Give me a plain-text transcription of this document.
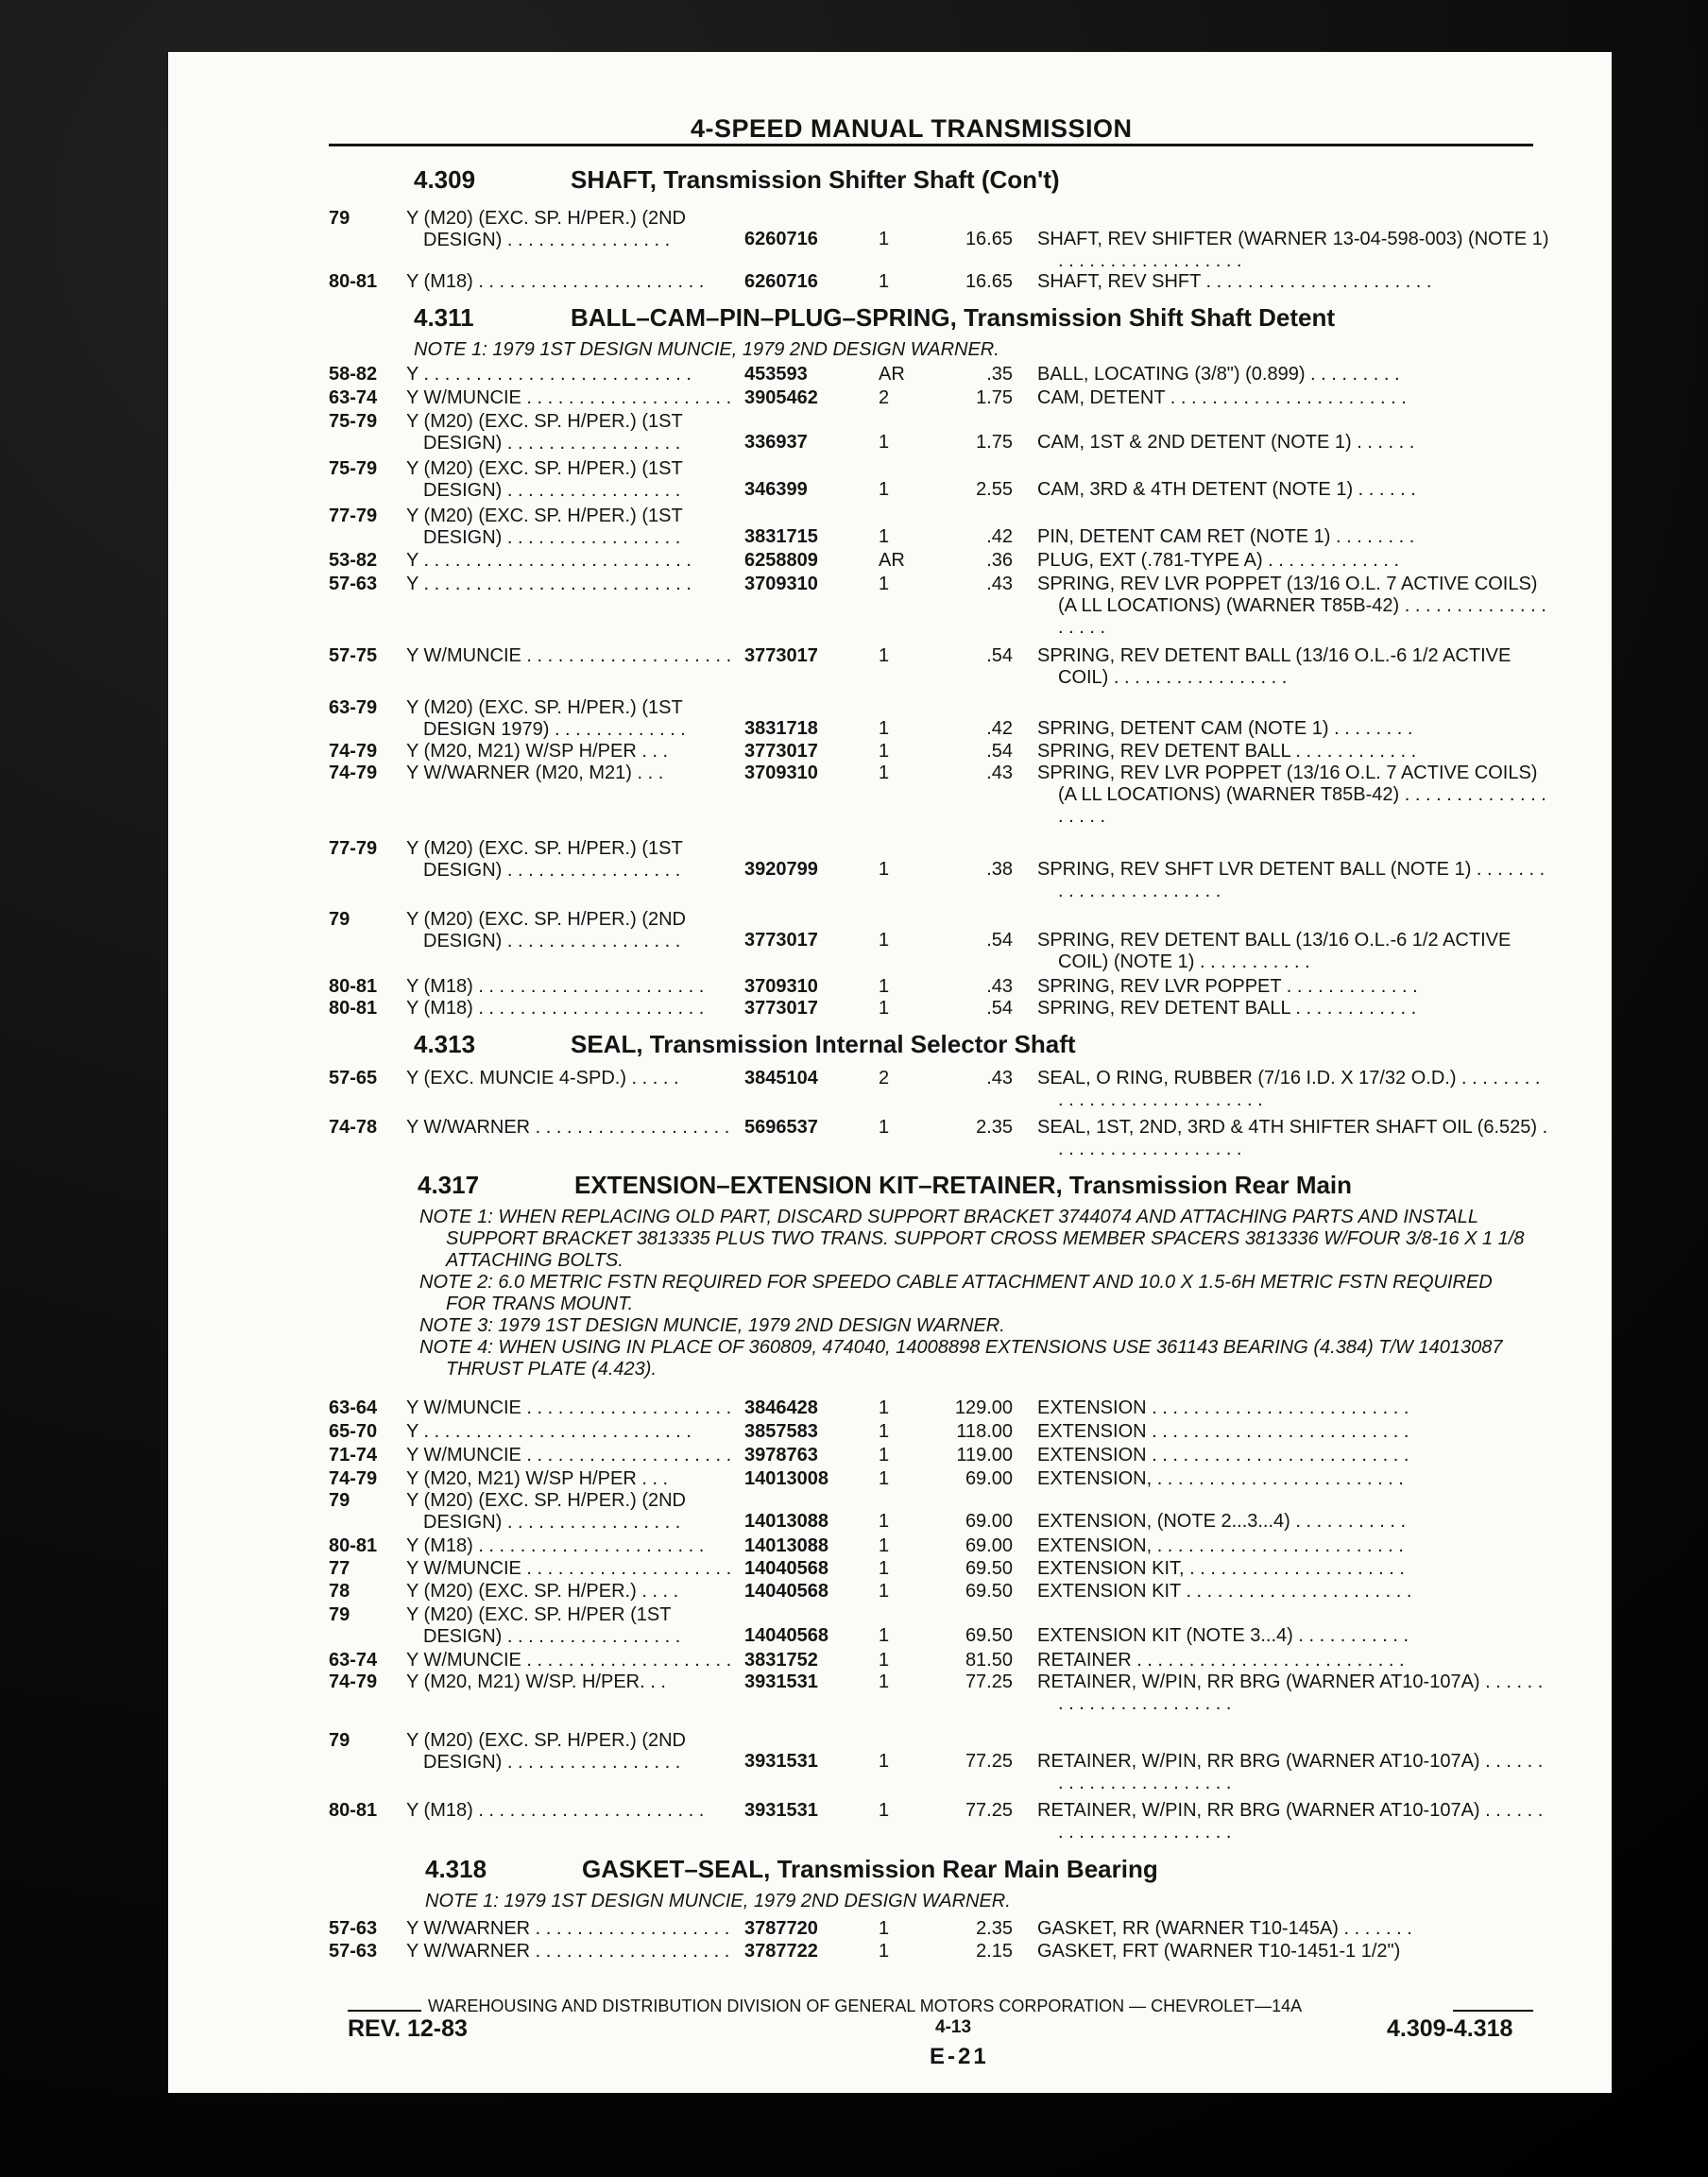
4-SPEED MANUAL TRANSMISSION
4.309	SHAFT, Transmission Shifter Shaft (Con't)
79	Y (M20) (EXC. SP. H/PER.) (2ND DESIGN) . . . . . . . . . . . . . . . .	6260716	1	16.65 SHAFT, REV SHIFTER (WARNER 13-04-598-003) (NOTE 1) . . . . . . . . . . . . . . . . . .
80-81	Y (M18) . . . . . . . . . . . . . . . . . . . . . .	6260716	1	16.65 SHAFT, REV SHFT . . . . . . . . . . . . . . . . . . . . . .
4.311	BALL–CAM–PIN–PLUG–SPRING, Transmission Shift Shaft Detent
NOTE 1: 1979 1ST DESIGN MUNCIE, 1979 2ND DESIGN WARNER.
58-82	Y . . . . . . . . . . . . . . . . . . . . . . . . . .	453593	AR	.35 BALL, LOCATING (3/8") (0.899) . . . . . . . . .
63-74	Y W/MUNCIE . . . . . . . . . . . . . . . . . . . . 3905462	2	1.75 CAM, DETENT . . . . . . . . . . . . . . . . . . . . . . .
75-79	Y (M20) (EXC. SP. H/PER.) (1ST DESIGN) . . . . . . . . . . . . . . . . .	336937	1	1.75 CAM, 1ST & 2ND DETENT (NOTE 1) . . . . . .
75-79	Y (M20) (EXC. SP. H/PER.) (1ST DESIGN) . . . . . . . . . . . . . . . . .	346399	1	2.55 CAM, 3RD & 4TH DETENT (NOTE 1) . . . . . .
77-79	Y (M20) (EXC. SP. H/PER.) (1ST DESIGN) . . . . . . . . . . . . . . . . .	3831715	1	.42 PIN, DETENT CAM RET (NOTE 1) . . . . . . . .
53-82	Y . . . . . . . . . . . . . . . . . . . . . . . . . .	6258809	AR	.36 PLUG, EXT (.781-TYPE A) . . . . . . . . . . . . .
57-63	Y . . . . . . . . . . . . . . . . . . . . . . . . . .	3709310	1	.43 SPRING, REV LVR POPPET (13/16 O.L. 7 ACTIVE COILS) (A LL LOCATIONS) (WARNER T85B-42) . . . . . . . . . . . . . . . . . . .
57-75	Y W/MUNCIE . . . . . . . . . . . . . . . . . . . . 3773017	1	.54 SPRING, REV DETENT BALL (13/16 O.L.-6 1/2 ACTIVE COIL) . . . . . . . . . . . . . . . . .
63-79	Y (M20) (EXC. SP. H/PER.) (1ST DESIGN 1979) . . . . . . . . . . . . .	3831718	1	.42 SPRING, DETENT CAM (NOTE 1) . . . . . . . .
74-79	Y (M20, M21) W/SP H/PER . . .	3773017	1	.54 SPRING, REV DETENT BALL . . . . . . . . . . . .
74-79	Y W/WARNER (M20, M21) . . .	3709310	1	.43 SPRING, REV LVR POPPET (13/16 O.L. 7 ACTIVE COILS) (A LL LOCATIONS) (WARNER T85B-42) . . . . . . . . . . . . . . . . . . .
77-79	Y (M20) (EXC. SP. H/PER.) (1ST DESIGN) . . . . . . . . . . . . . . . . .	3920799	1	.38 SPRING, REV SHFT LVR DETENT BALL (NOTE 1) . . . . . . . . . . . . . . . . . . . . . . .
79	Y (M20) (EXC. SP. H/PER.) (2ND DESIGN) . . . . . . . . . . . . . . . . .	3773017	1	.54 SPRING, REV DETENT BALL (13/16 O.L.-6 1/2 ACTIVE COIL) (NOTE 1) . . . . . . . . . . .
80-81	Y (M18) . . . . . . . . . . . . . . . . . . . . . .	3709310	1	.43 SPRING, REV LVR POPPET . . . . . . . . . . . . .
80-81	Y (M18) . . . . . . . . . . . . . . . . . . . . . .	3773017	1	.54 SPRING, REV DETENT BALL . . . . . . . . . . . .
4.313	SEAL, Transmission Internal Selector Shaft
57-65	Y (EXC. MUNCIE 4-SPD.) . . . . .	3845104	2	.43 SEAL, O RING, RUBBER (7/16 I.D. X 17/32 O.D.) . . . . . . . . . . . . . . . . . . . . . . . . . . . .
74-78	Y W/WARNER . . . . . . . . . . . . . . . . . . . 5696537	1	2.35 SEAL, 1ST, 2ND, 3RD & 4TH SHIFTER SHAFT OIL (6.525) . . . . . . . . . . . . . . . . . . .
4.317	EXTENSION–EXTENSION KIT–RETAINER, Transmission Rear Main
NOTE 1: WHEN REPLACING OLD PART, DISCARD SUPPORT BRACKET 3744074 AND ATTACHING PARTS AND INSTALL SUPPORT BRACKET 3813335 PLUS TWO TRANS. SUPPORT CROSS MEMBER SPACERS 3813336 W/FOUR 3/8-16 X 1 1/8 ATTACHING BOLTS.
NOTE 2: 6.0 METRIC FSTN REQUIRED FOR SPEEDO CABLE ATTACHMENT AND 10.0 X 1.5-6H METRIC FSTN REQUIRED FOR TRANS MOUNT.
NOTE 3: 1979 1ST DESIGN MUNCIE, 1979 2ND DESIGN WARNER.
NOTE 4: WHEN USING IN PLACE OF 360809, 474040, 14008898 EXTENSIONS USE 361143 BEARING (4.384) T/W 14013087 THRUST PLATE (4.423).
63-64	Y W/MUNCIE . . . . . . . . . . . . . . . . . . . . 3846428	1	129.00 EXTENSION . . . . . . . . . . . . . . . . . . . . . . . . .
65-70	Y . . . . . . . . . . . . . . . . . . . . . . . . . .	3857583	1	118.00 EXTENSION . . . . . . . . . . . . . . . . . . . . . . . . .
71-74	Y W/MUNCIE . . . . . . . . . . . . . . . . . . . . 3978763	1	119.00 EXTENSION . . . . . . . . . . . . . . . . . . . . . . . . .
74-79	Y (M20, M21) W/SP H/PER . . .	14013008	1	69.00 EXTENSION, . . . . . . . . . . . . . . . . . . . . . . . .
79	Y (M20) (EXC. SP. H/PER.) (2ND DESIGN) . . . . . . . . . . . . . . . . .	14013088	1	69.00 EXTENSION, (NOTE 2...3...4) . . . . . . . . . . .
80-81	Y (M18) . . . . . . . . . . . . . . . . . . . . . .	14013088	1	69.00 EXTENSION, . . . . . . . . . . . . . . . . . . . . . . . .
77	Y W/MUNCIE . . . . . . . . . . . . . . . . . . . . 14040568	1	69.50 EXTENSION KIT, . . . . . . . . . . . . . . . . . . . . .
78	Y (M20) (EXC. SP. H/PER.) . . . .	14040568	1	69.50 EXTENSION KIT . . . . . . . . . . . . . . . . . . . . . .
79	Y (M20) (EXC. SP. H/PER (1ST DESIGN) . . . . . . . . . . . . . . . . .	14040568	1	69.50 EXTENSION KIT (NOTE 3...4) . . . . . . . . . . .
63-74	Y W/MUNCIE . . . . . . . . . . . . . . . . . . . . 3831752	1	81.50 RETAINER . . . . . . . . . . . . . . . . . . . . . . . . . .
74-79	Y (M20, M21) W/SP. H/PER. . .	3931531	1	77.25 RETAINER, W/PIN, RR BRG (WARNER AT10-107A) . . . . . . . . . . . . . . . . . . . . . . .
79	Y (M20) (EXC. SP. H/PER.) (2ND DESIGN) . . . . . . . . . . . . . . . . .	3931531	1	77.25 RETAINER, W/PIN, RR BRG (WARNER AT10-107A) . . . . . . . . . . . . . . . . . . . . . . .
80-81	Y (M18) . . . . . . . . . . . . . . . . . . . . . .	3931531	1	77.25 RETAINER, W/PIN, RR BRG (WARNER AT10-107A) . . . . . . . . . . . . . . . . . . . . . . .
4.318	GASKET–SEAL, Transmission Rear Main Bearing
NOTE 1: 1979 1ST DESIGN MUNCIE, 1979 2ND DESIGN WARNER.
57-63	Y W/WARNER . . . . . . . . . . . . . . . . . . . 3787720	1	2.35 GASKET, RR (WARNER T10-145A) . . . . . . .
57-63	Y W/WARNER . . . . . . . . . . . . . . . . . . . 3787722	1	2.15 GASKET, FRT (WARNER T10-1451-1 1/2")
WAREHOUSING AND DISTRIBUTION DIVISION OF GENERAL MOTORS CORPORATION — CHEVROLET—14A
REV. 12-83	4-13	4.309-4.318
E-21
